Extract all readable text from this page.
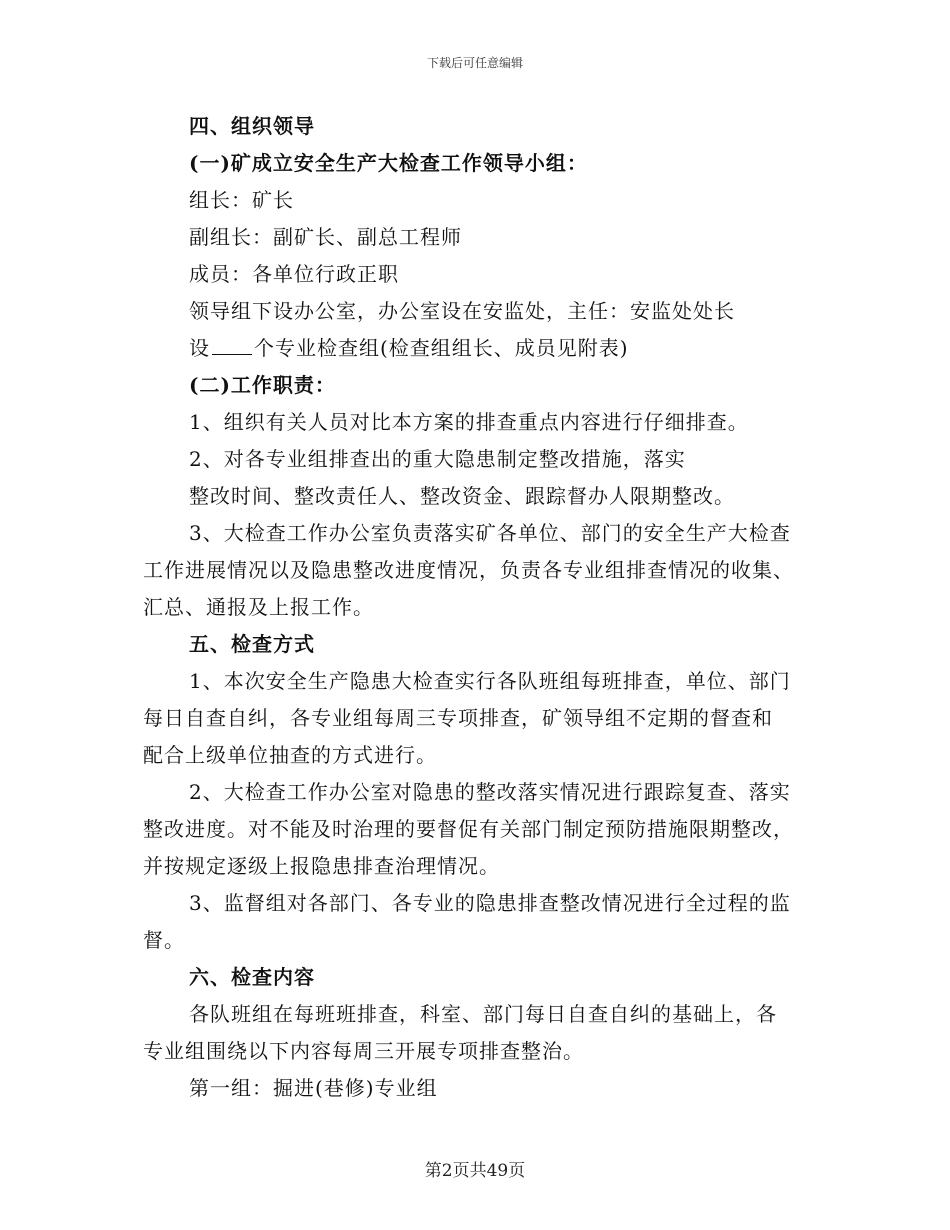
下载后可任意编辑
四、组织领导
(一)矿成立安全生产大检查工作领导小组：
组长：矿长
副组长：副矿长、副总工程师
成员：各单位行政正职
领导组下设办公室，办公室设在安监处，主任：安监处处长
设 个专业检查组(检查组组长、成员见附表)
(二)工作职责：
1、组织有关人员对比本方案的排查重点内容进行仔细排查。
2、对各专业组排查出的重大隐患制定整改措施，落实
整改时间、整改责任人、整改资金、跟踪督办人限期整改。
3、大检查工作办公室负责落实矿各单位、部门的安全生产大检查
工作进展情况以及隐患整改进度情况，负责各专业组排查情况的收集、
汇总、通报及上报工作。
五、检查方式
1、本次安全生产隐患大检查实行各队班组每班排查，单位、部门
每日自查自纠，各专业组每周三专项排查，矿领导组不定期的督查和
配合上级单位抽查的方式进行。
2、大检查工作办公室对隐患的整改落实情况进行跟踪复查、落实
整改进度。对不能及时治理的要督促有关部门制定预防措施限期整改，
并按规定逐级上报隐患排查治理情况。
3、监督组对各部门、各专业的隐患排查整改情况进行全过程的监
督。
六、检查内容
各队班组在每班班排查，科室、部门每日自查自纠的基础上，各
专业组围绕以下内容每周三开展专项排查整治。
第一组：掘进(巷修)专业组
第2页共49页
